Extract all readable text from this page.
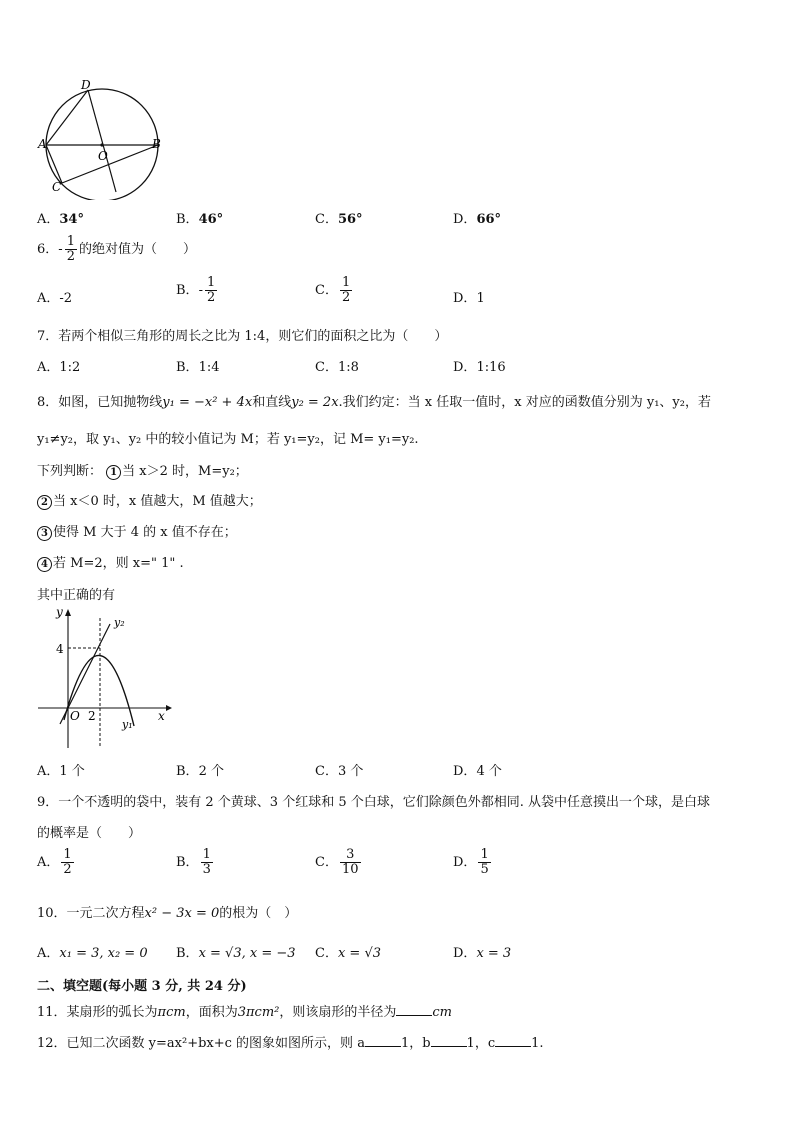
D
A
O
B
C
A．34°	B．46°	C．56°	D．66°
6．- $\frac{1}{2}$ 的绝对值为（　　）
A．-2
B．- $\frac{1}{2}$	C． $\frac{1}{2}$	D．1
7．若两个相似三角形的周长之比为 1:4，则它们的面积之比为（　　）
A．1:2	B．1:4	C．1:8	D．1:16
8．如图，已知抛物线y₁ = −x² + 4x和直线y₂ = 2x.我们约定：当 x 任取一值时，x 对应的函数值分别为 y₁、y₂，若
y₁≠y₂，取 y₁、y₂ 中的较小值记为 M；若 y₁=y₂，记 M= y₁=y₂.
下列判断： 1 当 x＞2 时，M=y₂；
2 当 x＜0 时，x 值越大，M 值越大；
3 使得 M 大于 4 的 x 值不存在；
4 若 M=2，则 x=" 1" .
其中正确的有
y
y₂
4
O 2	x
y₁
A．1 个	B．2 个	C．3 个	D．4 个
9．一个不透明的袋中，装有 2 个黄球、3 个红球和 5 个白球，它们除颜色外都相同. 从袋中任意摸出一个球，是白球
的概率是（　　）
A． $\frac{1}{2}$	B． $\frac{1}{3}$	C． $\frac{3}{10}$	D． $\frac{1}{5}$
10．一元二次方程x² − 3x = 0的根为（　）
A．x₁ = 3, x₂ = 0 B．x = √3, x = −3 C．x = √3	D．x = 3
二、填空题(每小题 3 分, 共 24 分)
11．某扇形的弧长为πcm，面积为3πcm²，则该扇形的半径为	cm
12．已知二次函数 y=ax²+bx+c 的图象如图所示，则 a	1，b	1，c	1.
